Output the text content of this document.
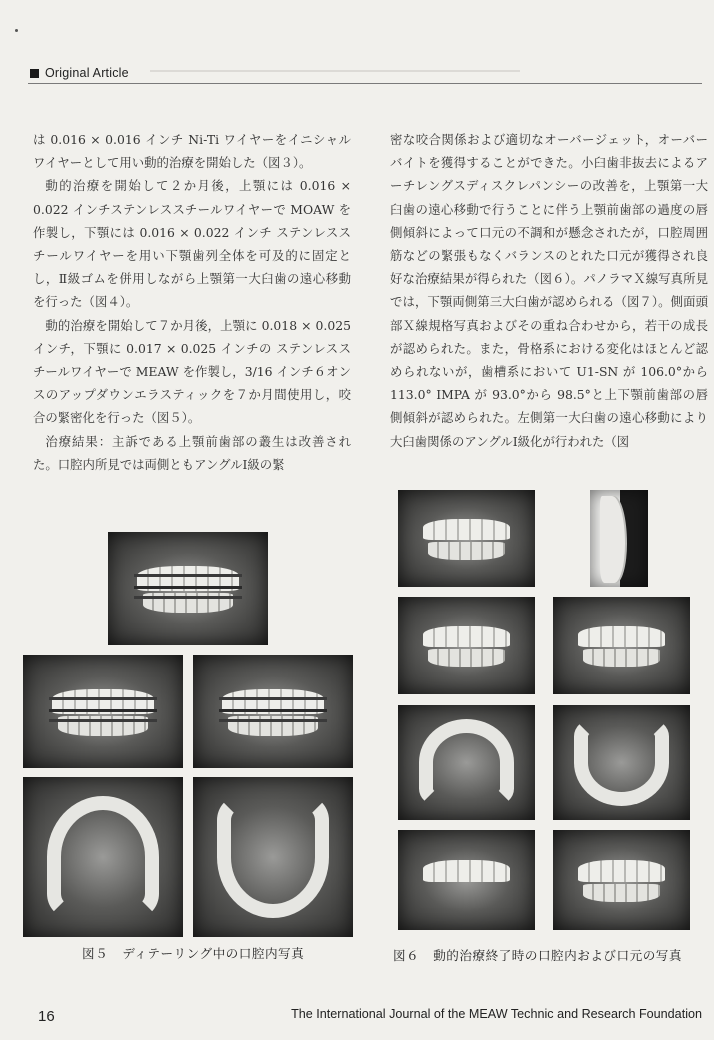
Original Article

は 0.016 × 0.016 インチ Ni-Ti ワイヤーをイニシャルワイヤーとして用い動的治療を開始した（図３）。

動的治療を開始して２か月後，上顎には 0.016 × 0.022 インチステンレススチールワイヤーで MOAW を作製し，下顎には 0.016 × 0.022 インチ ステンレススチールワイヤーを用い下顎歯列全体を可及的に固定とし，Ⅱ級ゴムを併用しながら上顎第一大臼歯の遠心移動を行った（図４）。

動的治療を開始して７か月後，上顎に 0.018 × 0.025 インチ，下顎に 0.017 × 0.025 インチの ステンレススチールワイヤーで MEAW を作製し，3/16 インチ６オンスのアップダウンエラスティックを７か月間使用し，咬合の緊密化を行った（図５）。

治療結果：主訴である上顎前歯部の叢生は改善された。口腔内所見では両側ともアングルⅠ級の緊

密な咬合関係および適切なオーバージェット，オーバーバイトを獲得することができた。小臼歯非抜去によるアーチレングスディスクレパンシーの改善を，上顎第一大臼歯の遠心移動で行うことに伴う上顎前歯部の過度の唇側傾斜によって口元の不調和が懸念されたが，口腔周囲筋などの緊張もなくバランスのとれた口元が獲得され良好な治療結果が得られた（図６）。パノラマＸ線写真所見では，下顎両側第三大臼歯が認められる（図７）。側面頭部Ｘ線規格写真およびその重ね合わせから，若干の成長が認められた。また，骨格系における変化はほとんど認められないが，歯槽系において U1-SN が 106.0°から 113.0° IMPA が 93.0°から 98.5°と上下顎前歯部の唇側傾斜が認められた。左側第一大臼歯の遠心移動により大臼歯関係のアングルⅠ級化が行われた（図

図５ ディテーリング中の口腔内写真	図６ 動的治療終了時の口腔内および口元の写真
16	The International Journal of the MEAW Technic and Research Foundation
